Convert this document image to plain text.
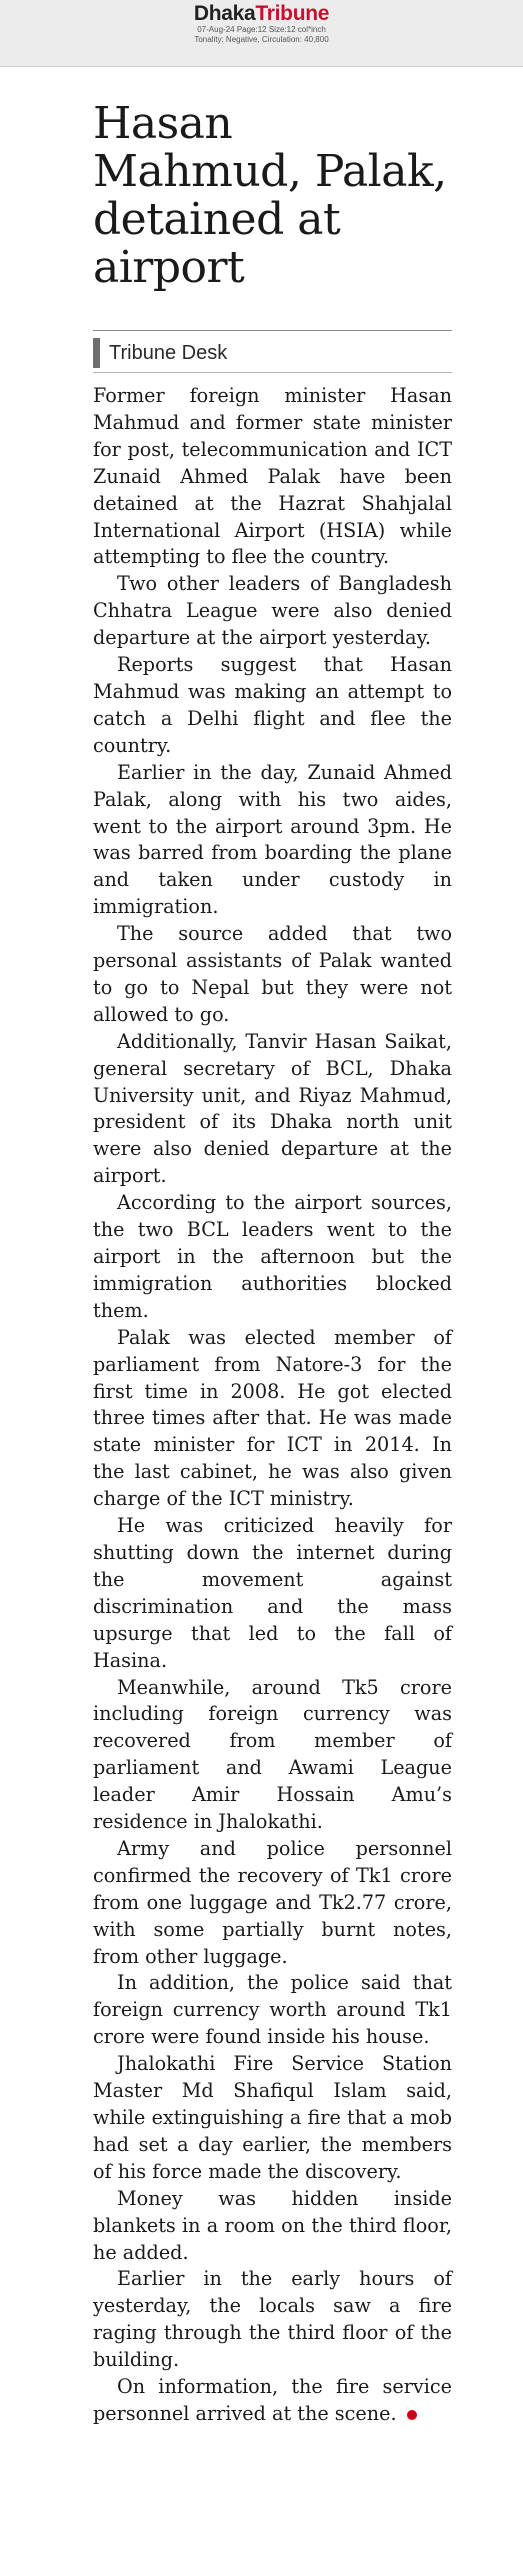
DhakaTribune
07-Aug-24 Page:12 Size:12 col*inch
Tonality: Negative, Circulation: 40,800
Hasan Mahmud, Palak, detained at airport
Tribune Desk

Former foreign minister Hasan Mahmud and former state minister for post, telecommunication and ICT Zunaid Ahmed Palak have been detained at the Hazrat Shahjalal International Airport (HSIA) while attempting to flee the country.

Two other leaders of Bangladesh Chhatra League were also denied departure at the airport yesterday.

Reports suggest that Hasan Mahmud was making an attempt to catch a Delhi flight and flee the country.

Earlier in the day, Zunaid Ahmed Palak, along with his two aides, went to the airport around 3pm. He was barred from boarding the plane and taken under custody in immigration.

The source added that two personal assistants of Palak wanted to go to Nepal but they were not allowed to go.

Additionally, Tanvir Hasan Saikat, general secretary of BCL, Dhaka University unit, and Riyaz Mahmud, president of its Dhaka north unit were also denied departure at the airport.

According to the airport sources, the two BCL leaders went to the airport in the afternoon but the immigration authorities blocked them.

Palak was elected member of parliament from Natore-3 for the first time in 2008. He got elected three times after that. He was made state minister for ICT in 2014. In the last cabinet, he was also given charge of the ICT ministry.

He was criticized heavily for shutting down the internet during the movement against discrimination and the mass upsurge that led to the fall of Hasina.

Meanwhile, around Tk5 crore including foreign currency was recovered from member of parliament and Awami League leader Amir Hossain Amu’s residence in Jhalokathi.

Army and police personnel confirmed the recovery of Tk1 crore from one luggage and Tk2.77 crore, with some partially burnt notes, from other luggage.

In addition, the police said that foreign currency worth around Tk1 crore were found inside his house.

Jhalokathi Fire Service Station Master Md Shafiqul Islam said, while extinguishing a fire that a mob had set a day earlier, the members of his force made the discovery.

Money was hidden inside blankets in a room on the third floor, he added.

Earlier in the early hours of yesterday, the locals saw a fire raging through the third floor of the building.

On information, the fire service personnel arrived at the scene.
